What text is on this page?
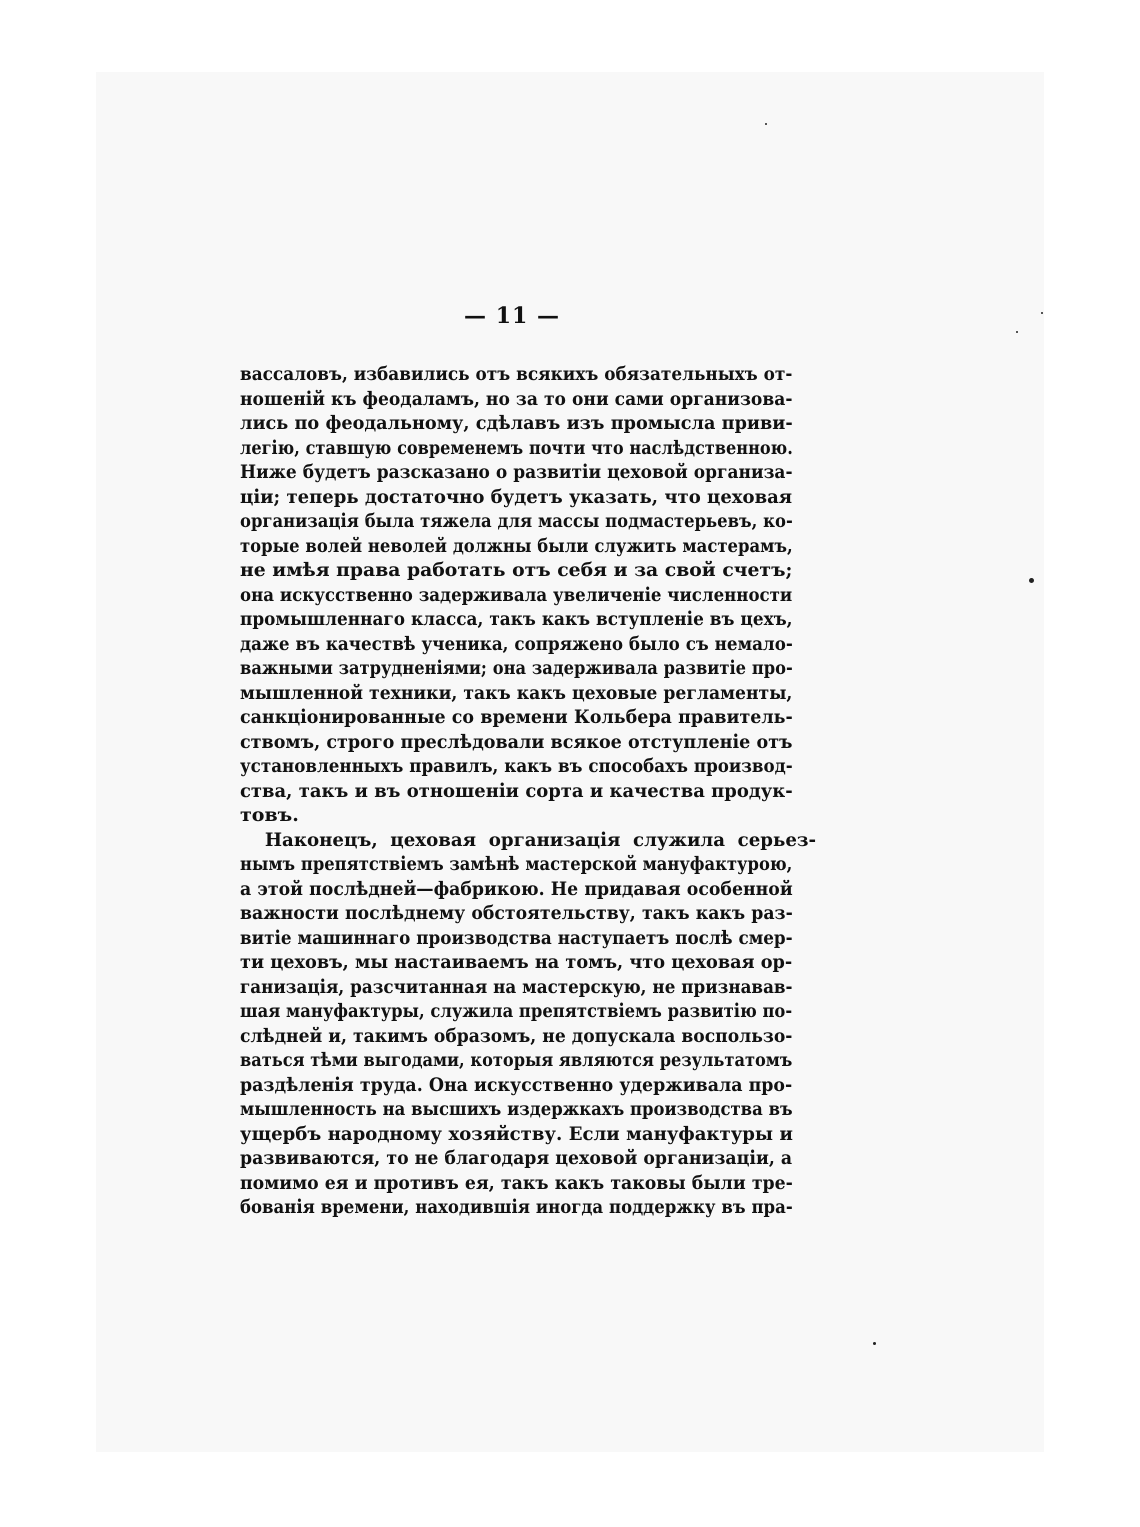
— 11 —
вассаловъ, избавились отъ всякихъ обязательныхъ от-
ношеній къ феодаламъ, но за то они сами организова-
лись по феодальному, сдѣлавъ изъ промысла приви-
легію, ставшую современемъ почти что наслѣдственною.
Ниже будетъ разсказано о развитіи цеховой организа-
ціи; теперь достаточно будетъ указать, что цеховая
организація была тяжела для массы подмастерьевъ, ко-
торые волей неволей должны были служить мастерамъ,
не имѣя права работать отъ себя и за свой счетъ;
она искусственно задерживала увеличеніе численности
промышленнаго класса, такъ какъ вступленіе въ цехъ,
даже въ качествѣ ученика, сопряжено было съ немало-
важными затрудненіями; она задерживала развитіе про-
мышленной техники, такъ какъ цеховые регламенты,
санкціонированные со времени Кольбера правитель-
ствомъ, строго преслѣдовали всякое отступленіе отъ
установленныхъ правилъ, какъ въ способахъ производ-
ства, такъ и въ отношеніи сорта и качества продук-
товъ.
Наконецъ, цеховая организація служила серьез-
нымъ препятствіемъ замѣнѣ мастерской мануфактурою,
а этой послѣдней—фабрикою. Не придавая особенной
важности послѣднему обстоятельству, такъ какъ раз-
витіе машиннаго производства наступаетъ послѣ смер-
ти цеховъ, мы настаиваемъ на томъ, что цеховая ор-
ганизація, разсчитанная на мастерскую, не признавав-
шая мануфактуры, служила препятствіемъ развитію по-
слѣдней и, такимъ образомъ, не допускала воспользо-
ваться тѣми выгодами, которыя являются результатомъ
раздѣленія труда. Она искусственно удерживала про-
мышленность на высшихъ издержкахъ производства въ
ущербъ народному хозяйству. Если мануфактуры и
развиваются, то не благодаря цеховой организаціи, а
помимо ея и противъ ея, такъ какъ таковы были тре-
бованія времени, находившія иногда поддержку въ пра-
